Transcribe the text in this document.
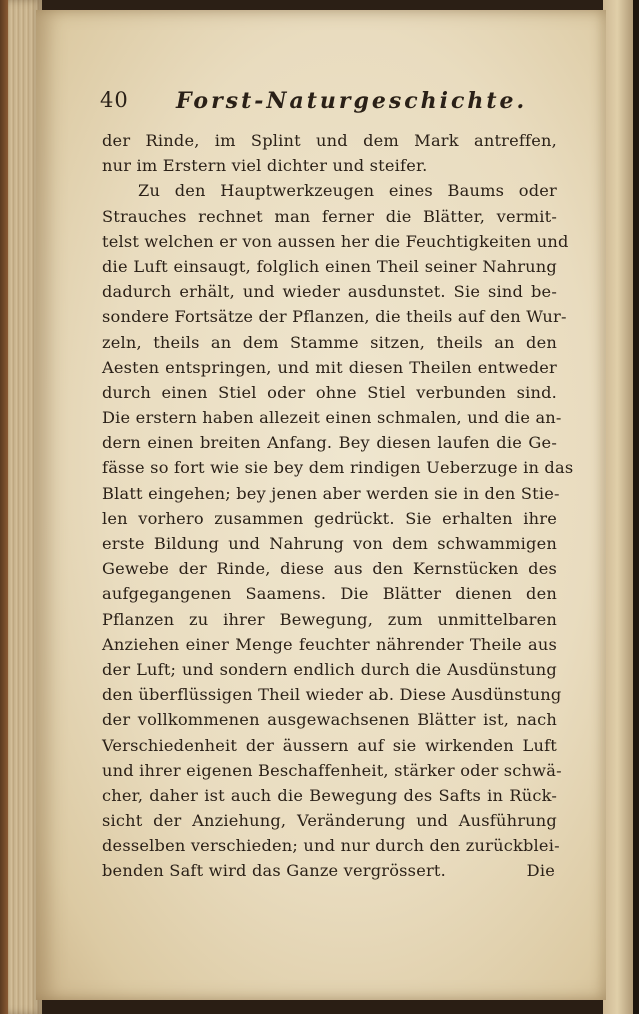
40 Forst-Naturgeschichte.
der Rinde, im Splint und dem Mark antreffen,
nur im Erstern viel dichter und steifer.
Zu den Hauptwerkzeugen eines Baums oder
Strauches rechnet man ferner die Blätter, vermit-
telst welchen er von aussen her die Feuchtigkeiten und
die Luft einsaugt, folglich einen Theil seiner Nahrung
dadurch erhält, und wieder ausdunstet. Sie sind be-
sondere Fortsätze der Pflanzen, die theils auf den Wur-
zeln, theils an dem Stamme sitzen, theils an den
Aesten entspringen, und mit diesen Theilen entweder
durch einen Stiel oder ohne Stiel verbunden sind.
Die erstern haben allezeit einen schmalen, und die an-
dern einen breiten Anfang. Bey diesen laufen die Ge-
fässe so fort wie sie bey dem rindigen Ueberzuge in das
Blatt eingehen; bey jenen aber werden sie in den Stie-
len vorhero zusammen gedrückt. Sie erhalten ihre
erste Bildung und Nahrung von dem schwammigen
Gewebe der Rinde, diese aus den Kernstücken des
aufgegangenen Saamens. Die Blätter dienen den
Pflanzen zu ihrer Bewegung, zum unmittelbaren
Anziehen einer Menge feuchter nährender Theile aus
der Luft; und sondern endlich durch die Ausdünstung
den überflüssigen Theil wieder ab. Diese Ausdünstung
der vollkommenen ausgewachsenen Blätter ist, nach
Verschiedenheit der äussern auf sie wirkenden Luft
und ihrer eigenen Beschaffenheit, stärker oder schwä-
cher, daher ist auch die Bewegung des Safts in Rück-
sicht der Anziehung, Veränderung und Ausführung
desselben verschieden; und nur durch den zurückblei-
benden Saft wird das Ganze vergrössert.	Die
